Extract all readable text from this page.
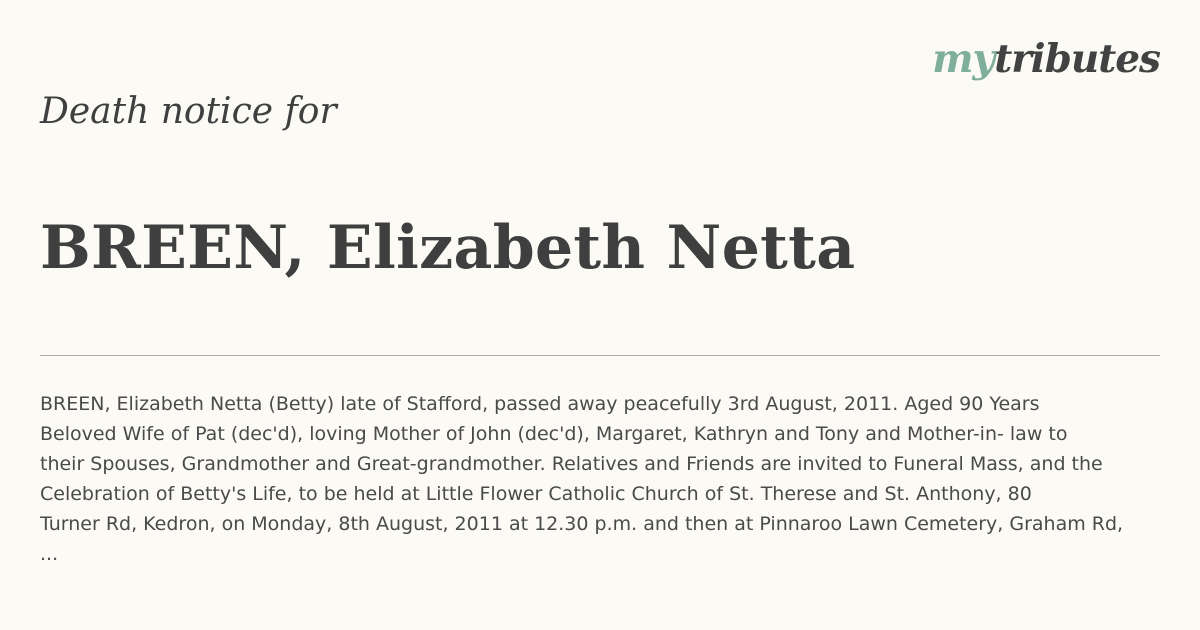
mytributes
Death notice for
BREEN, Elizabeth Netta
BREEN, Elizabeth Netta (Betty) late of Stafford, passed away peacefully 3rd August, 2011. Aged 90 Years
Beloved Wife of Pat (dec'd), loving Mother of John (dec'd), Margaret, Kathryn and Tony and Mother-in- law to
their Spouses, Grandmother and Great-grandmother. Relatives and Friends are invited to Funeral Mass, and the
Celebration of Betty's Life, to be held at Little Flower Catholic Church of St. Therese and St. Anthony, 80
Turner Rd, Kedron, on Monday, 8th August, 2011 at 12.30 p.m. and then at Pinnaroo Lawn Cemetery, Graham Rd,
...
